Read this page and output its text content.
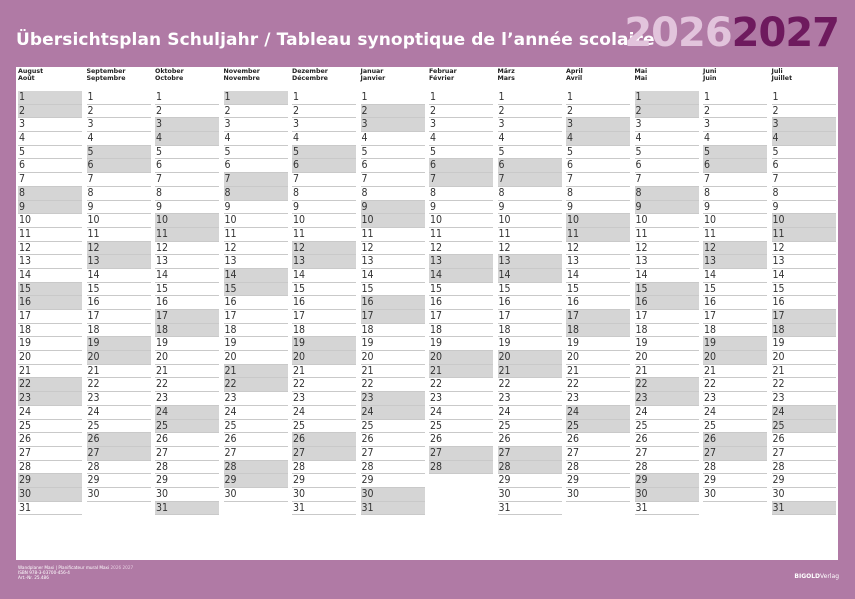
Übersichtsplan Schuljahr / Tableau synoptique de l’année scolaire
20262027
August
Août
1
2
3
4
5
6
7
8
9
10
11
12
13
14
15
16
17
18
19
20
21
22
23
24
25
26
27
28
29
30
31
September
Septembre
1
2
3
4
5
6
7
8
9
10
11
12
13
14
15
16
17
18
19
20
21
22
23
24
25
26
27
28
29
30
Oktober
Octobre
1
2
3
4
5
6
7
8
9
10
11
12
13
14
15
16
17
18
19
20
21
22
23
24
25
26
27
28
29
30
31
November
Novembre
1
2
3
4
5
6
7
8
9
10
11
12
13
14
15
16
17
18
19
20
21
22
23
24
25
26
27
28
29
30
Dezember
Décembre
1
2
3
4
5
6
7
8
9
10
11
12
13
14
15
16
17
18
19
20
21
22
23
24
25
26
27
28
29
30
31
Januar
Janvier
1
2
3
4
5
6
7
8
9
10
11
12
13
14
15
16
17
18
19
20
21
22
23
24
25
26
27
28
29
30
31
Februar
Février
1
2
3
4
5
6
7
8
9
10
11
12
13
14
15
16
17
18
19
20
21
22
23
24
25
26
27
28
März
Mars
1
2
3
4
5
6
7
8
9
10
11
12
13
14
15
16
17
18
19
20
21
22
23
24
25
26
27
28
29
30
31
April
Avril
1
2
3
4
5
6
7
8
9
10
11
12
13
14
15
16
17
18
19
20
21
22
23
24
25
26
27
28
29
30
Mai
Mai
1
2
3
4
5
6
7
8
9
10
11
12
13
14
15
16
17
18
19
20
21
22
23
24
25
26
27
28
29
30
31
Juni
Juin
1
2
3
4
5
6
7
8
9
10
11
12
13
14
15
16
17
18
19
20
21
22
23
24
25
26
27
28
29
30
Juli
Juillet
1
2
3
4
5
6
7
8
9
10
11
12
13
14
15
16
17
18
19
20
21
22
23
24
25
26
27
28
29
30
31
Wandplaner Maxi | Planificateur mural Maxi 2026 2027
ISBN 978-3-03700-456-4
Art.-Nr. 25.486	BIGOLDVerlag
